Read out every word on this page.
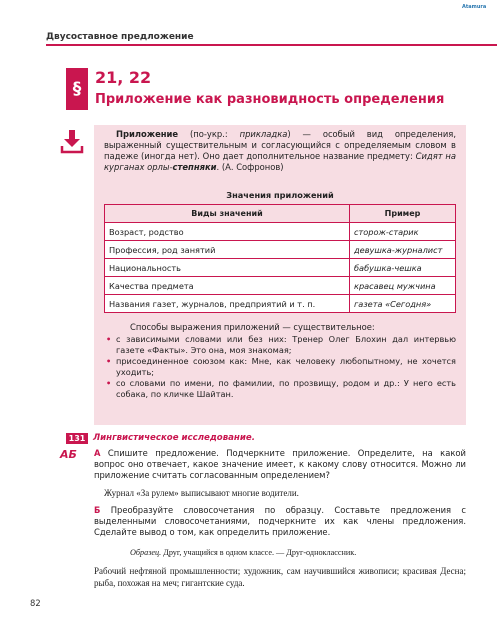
Atamura
Двусоставное предложение
§
21, 22
Приложение как разновидность определения
Приложение (по-укр.: прикладка) — особый вид определения, выраженный существительным и согласующийся с определяемым словом в падеже (иногда нет). Оно дает дополнительное название предмету: Сидят на курганах орлы-степняки. (А. Софронов)
Значения приложений
Виды значений	Пример
Возраст, родство	сторож-старик
Профессия, род занятий	девушка-журналист
Национальность	бабушка-чешка
Качества предмета	красавец мужчина
Названия газет, журналов, предприятий и т. п.	газета «Сегодня»
Способы выражения приложений — существительное:
• с зависимыми словами или без них: Тренер Олег Блохин дал интервью газете «Факты». Это она, моя знакомая;
• присоединенное союзом как: Мне, как человеку любопытному, не хочется уходить;
• со словами по имени, по фамилии, по прозвищу, родом и др.: У него есть собака, по кличке Шайтан.
131 Лингвистическое исследование.
АБ	А Спишите предложение. Подчеркните приложение. Определите, на какой вопрос оно отвечает, какое значение имеет, к какому слову относится. Можно ли приложение считать согласованным определением?
Журнал «За рулем» выписывают многие водители.
Б Преобразуйте словосочетания по образцу. Составьте предложения с выделенными словосочетаниями, подчеркните их как члены предложения. Сделайте вывод о том, как определить приложение.
Образец. Друг, учащийся в одном классе. — Друг-одноклассник.
Рабочий нефтяной промышленности; художник, сам научившийся живописи; красивая Десна; рыба, похожая на меч; гигантские суда.
82
